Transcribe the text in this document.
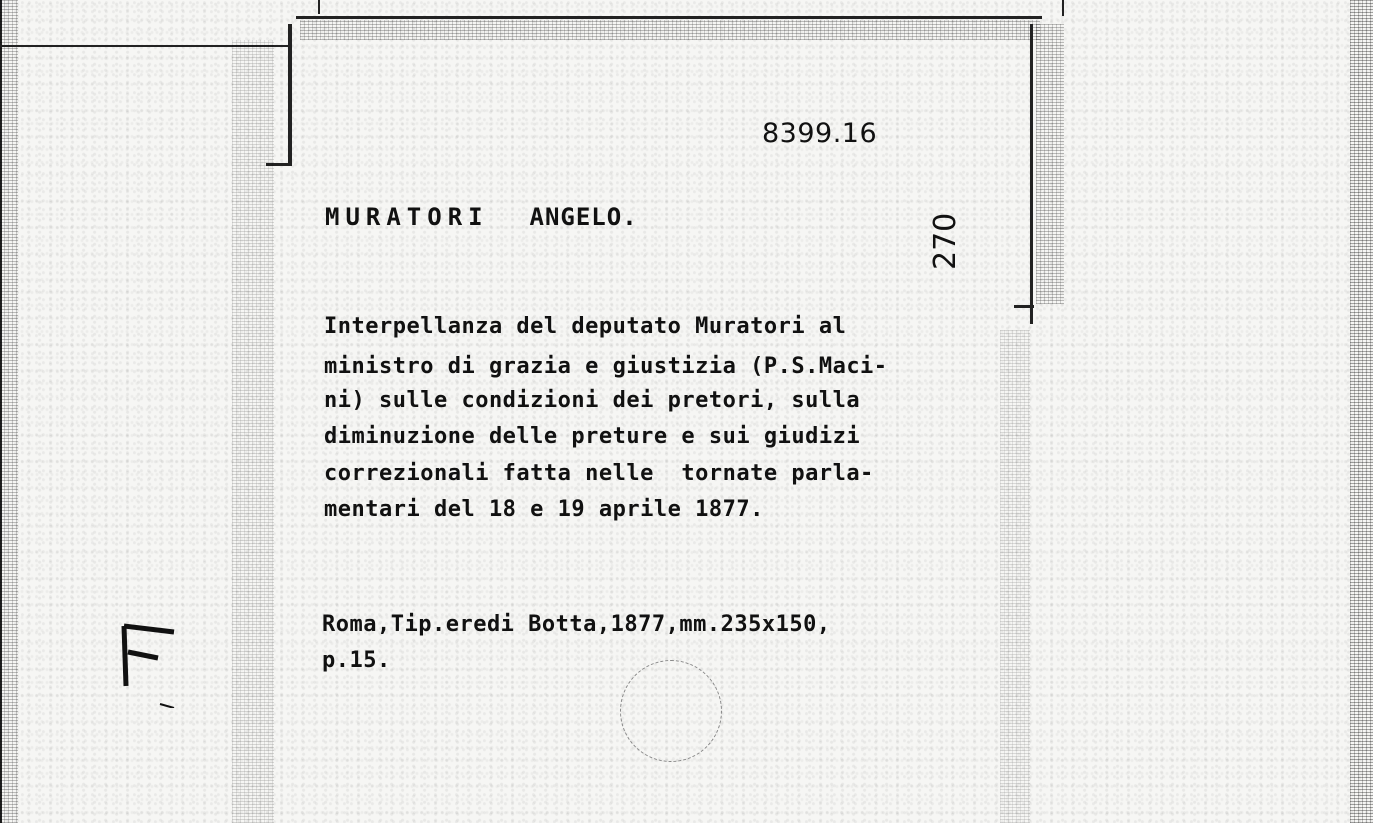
8399.16
MURATORI ANGELO.	270
Interpellanza del deputato Muratori al
ministro di grazia e giustizia (P.S.Maci-
ni) sulle condizioni dei pretori, sulla
diminuzione delle preture e sui giudizi
correzionali fatta nelle  tornate parla-
mentari del 18 e 19 aprile 1877.
Roma,Tip.eredi Botta,1877,mm.235x150,
p.15.
